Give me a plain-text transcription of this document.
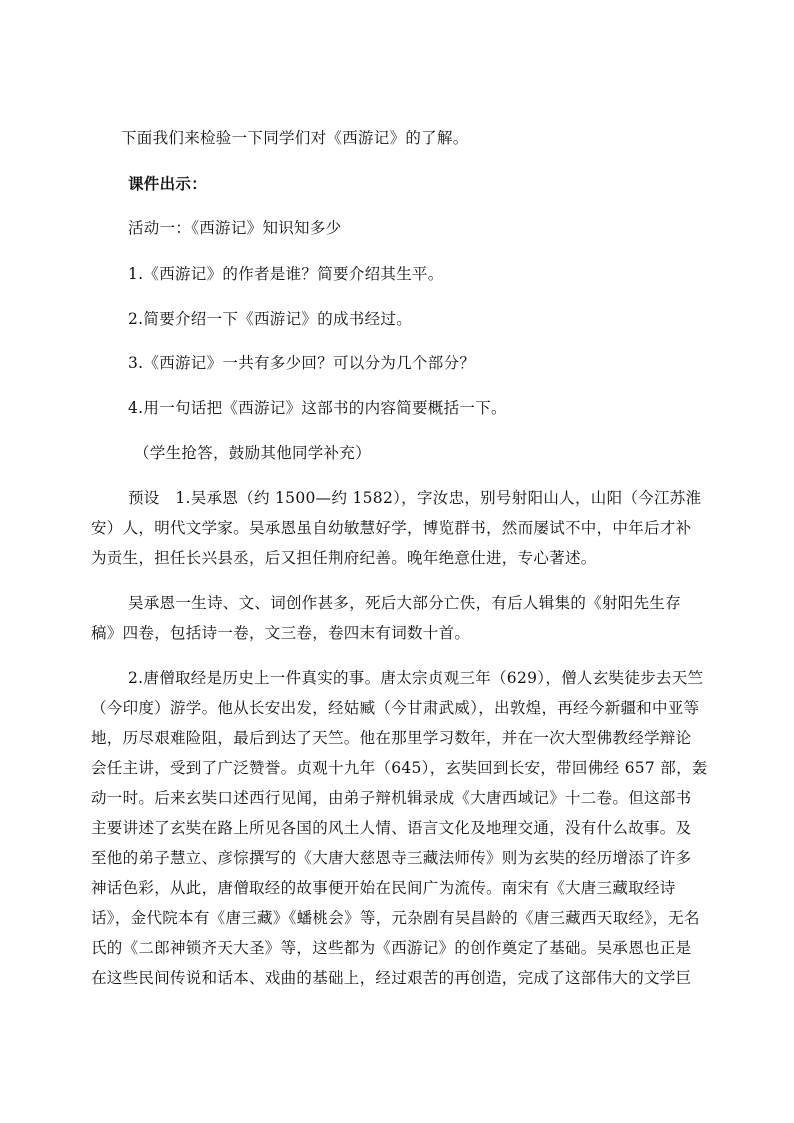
下面我们来检验一下同学们对《西游记》的了解。
课件出示：
活动一：《西游记》知识知多少
1.《西游记》的作者是谁？简要介绍其生平。
2.简要介绍一下《西游记》的成书经过。
3.《西游记》一共有多少回？可以分为几个部分？
4.用一句话把《西游记》这部书的内容简要概括一下。
（学生抢答，鼓励其他同学补充）
预设　1.吴承恩（约 1500—约 1582），字汝忠，别号射阳山人，山阳（今江苏淮
安）人，明代文学家。吴承恩虽自幼敏慧好学，博览群书，然而屡试不中，中年后才补
为贡生，担任长兴县丞，后又担任荆府纪善。晚年绝意仕进，专心著述。
吴承恩一生诗、文、词创作甚多，死后大部分亡佚，有后人辑集的《射阳先生存
稿》四卷，包括诗一卷，文三卷，卷四末有词数十首。
2.唐僧取经是历史上一件真实的事。唐太宗贞观三年（629），僧人玄奘徒步去天竺
（今印度）游学。他从长安出发，经姑臧（今甘肃武威），出敦煌，再经今新疆和中亚等
地，历尽艰难险阻，最后到达了天竺。他在那里学习数年，并在一次大型佛教经学辩论
会任主讲，受到了广泛赞誉。贞观十九年（645），玄奘回到长安，带回佛经 657 部，轰
动一时。后来玄奘口述西行见闻，由弟子辩机辑录成《大唐西域记》十二卷。但这部书
主要讲述了玄奘在路上所见各国的风土人情、语言文化及地理交通，没有什么故事。及
至他的弟子慧立、彦悰撰写的《大唐大慈恩寺三藏法师传》则为玄奘的经历增添了许多
神话色彩，从此，唐僧取经的故事便开始在民间广为流传。南宋有《大唐三藏取经诗
话》，金代院本有《唐三藏》《蟠桃会》等，元杂剧有吴昌龄的《唐三藏西天取经》，无名
氏的《二郎神锁齐天大圣》等，这些都为《西游记》的创作奠定了基础。吴承恩也正是
在这些民间传说和话本、戏曲的基础上，经过艰苦的再创造，完成了这部伟大的文学巨
